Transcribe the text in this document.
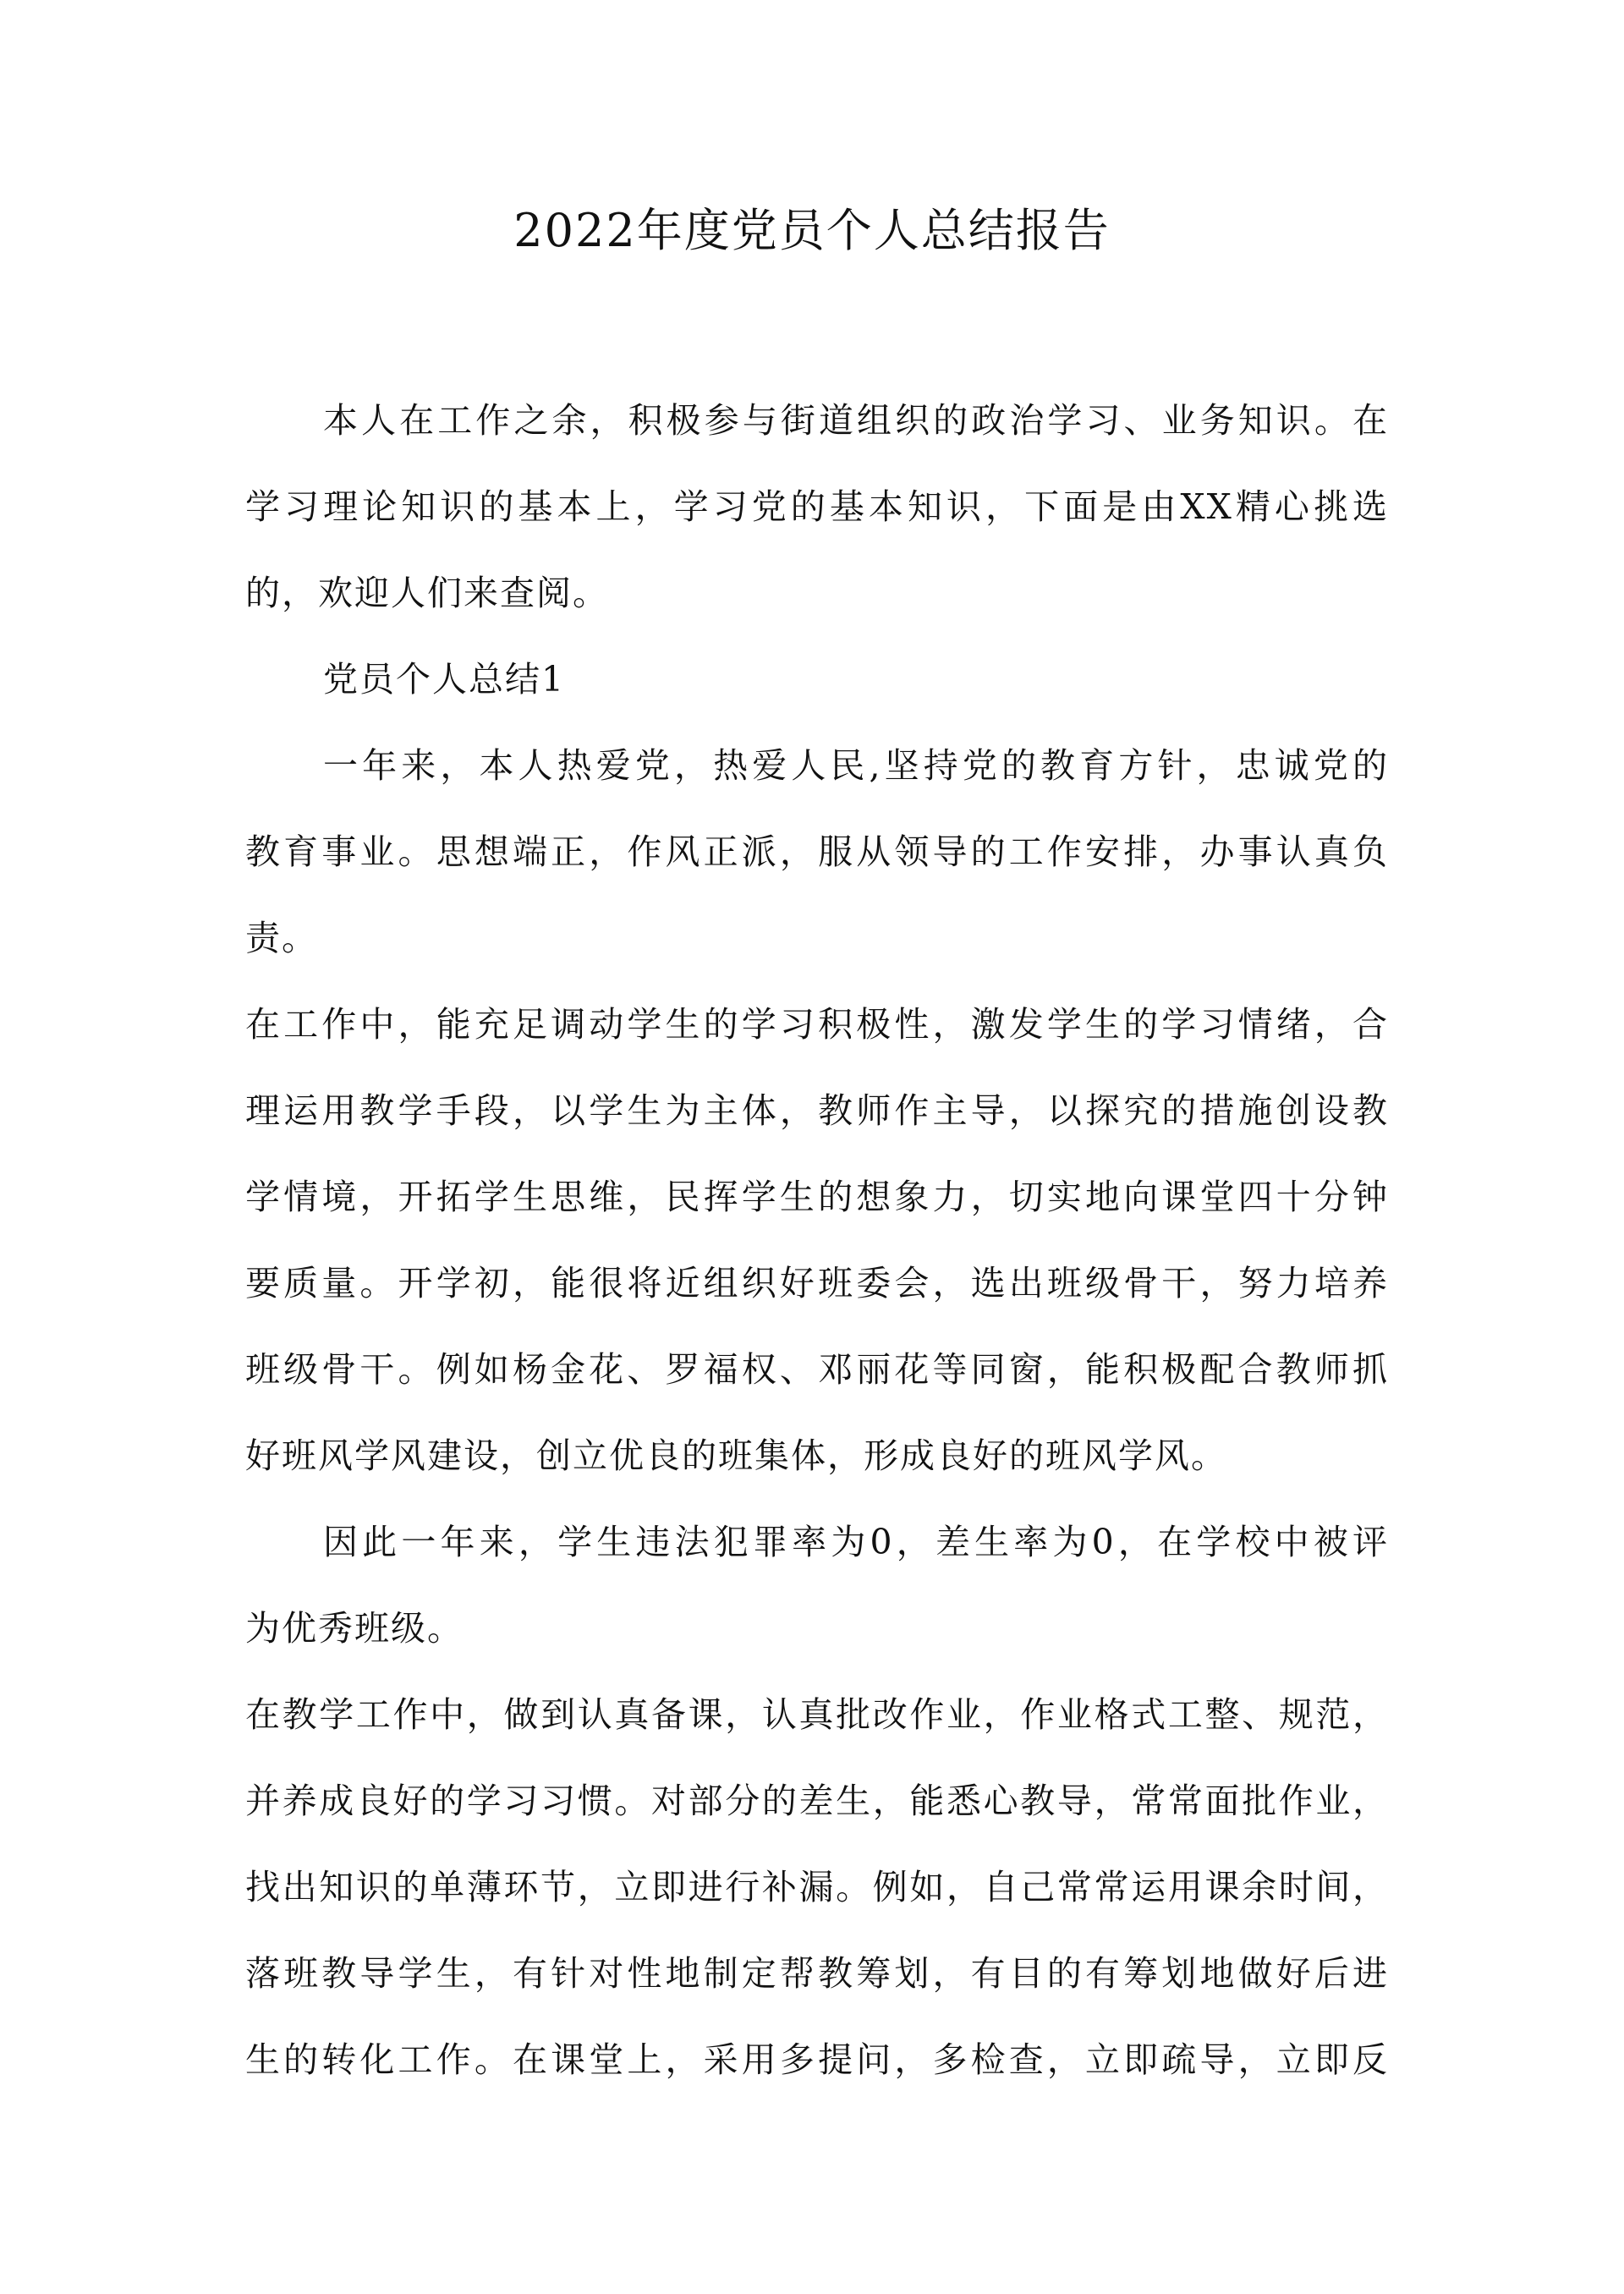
2022年度党员个人总结报告
本人在工作之余，积极参与街道组织的政治学习、业务知识。在
学习理论知识的基本上，学习党的基本知识，下面是由XX精心挑选
的，欢迎人们来查阅。
党员个人总结1
一年来，本人热爱党，热爱人民,坚持党的教育方针，忠诚党的
教育事业。思想端正，作风正派，服从领导的工作安排，办事认真负
责。
在工作中，能充足调动学生的学习积极性，激发学生的学习情绪，合
理运用教学手段，以学生为主体，教师作主导，以探究的措施创设教
学情境，开拓学生思维，民挥学生的想象力，切实地向课堂四十分钟
要质量。开学初，能很将近组织好班委会，选出班级骨干，努力培养
班级骨干。例如杨金花、罗福权、邓丽花等同窗，能积极配合教师抓
好班风学风建设，创立优良的班集体，形成良好的班风学风。
因此一年来，学生违法犯罪率为0，差生率为0，在学校中被评
为优秀班级。
在教学工作中，做到认真备课，认真批改作业，作业格式工整、规范，
并养成良好的学习习惯。对部分的差生，能悉心教导，常常面批作业，
找出知识的单薄环节，立即进行补漏。例如，自己常常运用课余时间，
落班教导学生，有针对性地制定帮教筹划，有目的有筹划地做好后进
生的转化工作。在课堂上，采用多提问，多检查，立即疏导，立即反
